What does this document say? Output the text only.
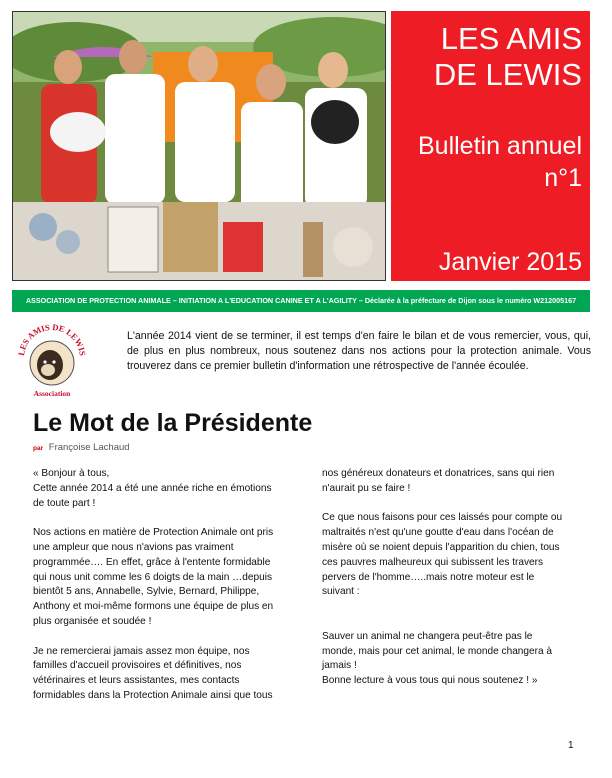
LES AMIS
DE LEWIS
Bulletin annuel
n°1
Janvier 2015
ASSOCIATION DE PROTECTION ANIMALE – INITIATION A L'EDUCATION CANINE ET A L'AGILITY – Déclarée à la préfecture de Dijon sous le numéro W212005167
LES AMIS DE LEWIS
Association

L'année 2014 vient de se terminer, il est temps d'en faire le bilan et de vous remercier, vous, qui, de plus en plus nombreux, nous soutenez dans nos actions pour la protection animale. Vous trouverez dans ce premier bulletin d'information une rétrospective de l'année écoulée.

Le Mot de la Présidente
par Françoise Lachaud

« Bonjour à tous,

Cette année 2014 a été une année riche en émotions de toute part !

Nos actions en matière de Protection Animale ont pris une ampleur que nous n'avions pas vraiment programmée…. En effet, grâce à l'entente formidable qui nous unit comme les 6 doigts de la main …depuis bientôt 5 ans, Annabelle, Sylvie, Bernard, Philippe, Anthony et moi-même formons une équipe de plus en plus organisée et soudée !

Je ne remercierai jamais assez mon équipe, nos familles d'accueil provisoires et définitives, nos vétérinaires et leurs assistantes, mes contacts formidables dans la Protection Animale ainsi que tous

nos généreux donateurs et donatrices, sans qui rien n'aurait pu se faire !

Ce que nous faisons pour ces laissés pour compte ou maltraités n'est qu'une goutte d'eau dans l'océan de misère où se noient depuis l'apparition du chien, tous ces pauvres malheureux qui subissent les travers pervers de l'homme…..mais notre moteur est le suivant :

Sauver un animal ne changera peut-être pas le monde, mais pour cet animal, le monde changera à jamais !

Bonne lecture à vous tous qui nous soutenez ! »

1
